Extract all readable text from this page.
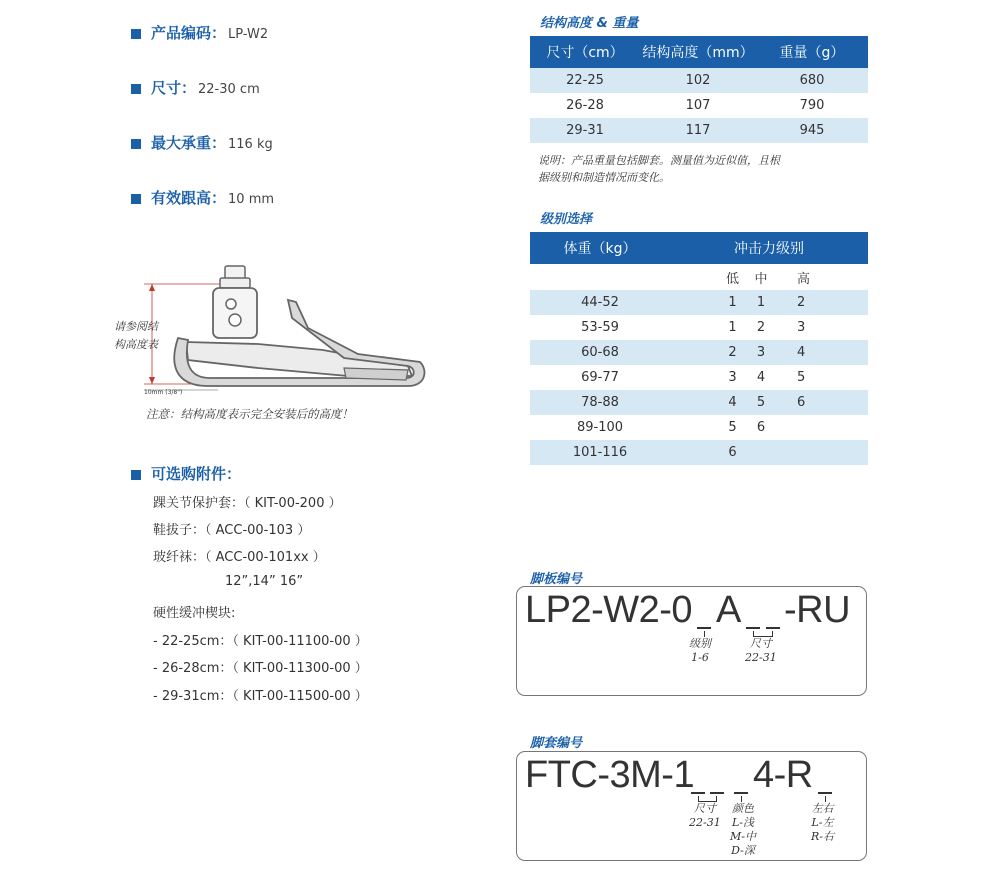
产品编码： LP-W2
尺寸： 22-30 cm
最大承重： 116 kg
有效跟高： 10 mm
请参阅结
构高度表
10mm (3/8")
注意：结构高度表示完全安装后的高度！
可选购附件：
踝关节保护套：（ KIT-00-200 ）
鞋拔子：（ ACC-00-103 ）
玻纤袜：（ ACC-00-101xx ）
12”,14” 16”
硬性缓冲楔块:
- 22-25cm：（ KIT-00-11100-00 ）
- 26-28cm：（ KIT-00-11300-00 ）
- 29-31cm：（ KIT-00-11500-00 ）
结构高度 & 重量
尺寸（cm）	结构高度（mm）	重量（g）
22-25	102	680
26-28	107	790
29-31	117	945
说明：产品重量包括脚套。测量值为近似值，且根
据级别和制造情况而变化。
级别选择
体重（kg）	冲击力级别		
	低	中	高
44-52	1	1	2
53-59	1	2	3
60-68	2	3	4
69-77	3	4	5
78-88	4	5	6
89-100	5	6	
101-116	6		
脚板编号
LP2-W2-0 A -RU
级别
1-6
尺寸
22-31
脚套编号
FTC-3M-1 4-R
尺寸
22-31
颜色
L-浅
M-中
D-深
左右
L-左
R-右
